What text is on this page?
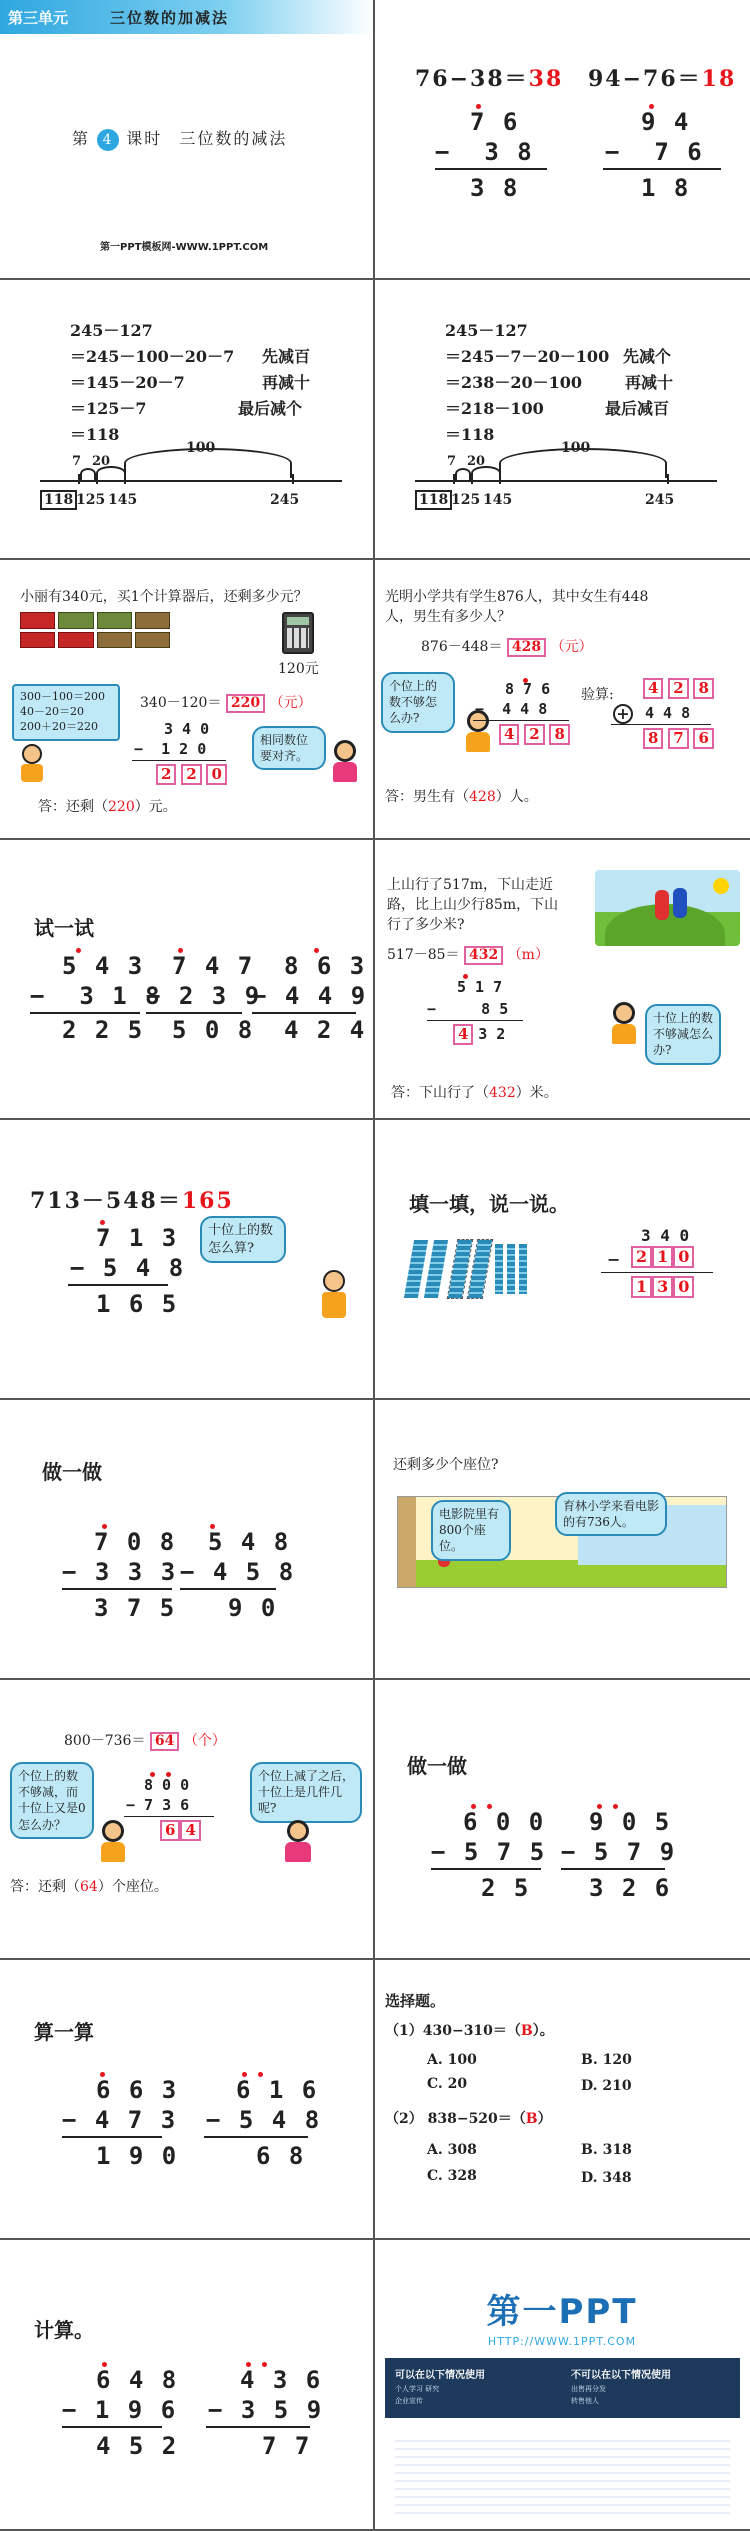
第三单元	三位数的加减法
第 4 课时 三位数的减法
第一PPT模板网-WWW.1PPT.COM
76−38＝38 94−76＝18
7 6
−  3 8
3 8
9 4
−  7 6
1 8
245－127
＝245－100－20－7 先减百
＝145－20－7	再减十
＝125－7	最后减个
＝118
100
7 20
118 125 145	245
245－127
＝245－7－20－100 先减个
＝238－20－100	再减十
＝218－100	最后减百
＝118
100
7 20
118 125 145	245
小丽有340元，买1个计算器后，还剩多少元？
120元
300－100＝200
40－20＝20
200＋20＝220
340－120＝ 220 （元）
3 4 0
−  1 2 0
2 2 0
相同数位要对齐。
答：还剩（220）元。
光明小学共有学生876人，其中女生有448
人，男生有多少人？
876－448＝ 428 （元）
个位上的数不够怎么办?
8 7 6
−  4 4 8
4 2 8
验算:	4 2 8
+ 4 4 8
8 7 6
答：男生有（428）人。
试一试
5 4 3
−  3 1 8
2 2 5
7 4 7
− 2 3 9
5 0 8
8 6 3
− 4 4 9
4 2 4
上山行了517m，下山走近
路，比上山少行85m，下山
行了多少米?
517－85＝ 432 （m）
5 1 7
−     8 5
4 3 2
十位上的数不够减怎么办?
答：下山行了（432）米。
713－548＝165
7 1 3
− 5 4 8
1 6 5
十位上的数怎么算?
填一填，说一说。
3 4 0
− 2 1 0
1 3 0
做一做
7 0 8
− 3 3 3
3 7 5
5 4 8
− 4 5 8
9 0
还剩多少个座位?
电影院里有800个座位。
育林小学来看电影的有736人。
800－736＝ 64 （个）
个位上的数不够减，而十位上又是0怎么办？
8 0 0
− 7 3 6
6 4
个位上减了之后，十位上是几件几呢?
答：还剩（64）个座位。
做一做
6 0 0
− 5 7 5
2 5
9 0 5
− 5 7 9
3 2 6
算一算
6 6 3
− 4 7 3
1 9 0
6 1 6
− 5 4 8
6 8
选择题。
（1）430−310＝（B）。
A. 100	B. 120
C. 20	D. 210
（2） 838−520＝（B）
A. 308	B. 318
C. 328	D. 348
计算。
6 4 8
− 1 9 6
4 5 2
4 3 6
− 3 5 9
7 7
第一PPT
HTTP://WWW.1PPT.COM
可以在以下情况使用	不可以在以下情况使用
个人学习 研究
企业宣传
出售再分发
转售他人
